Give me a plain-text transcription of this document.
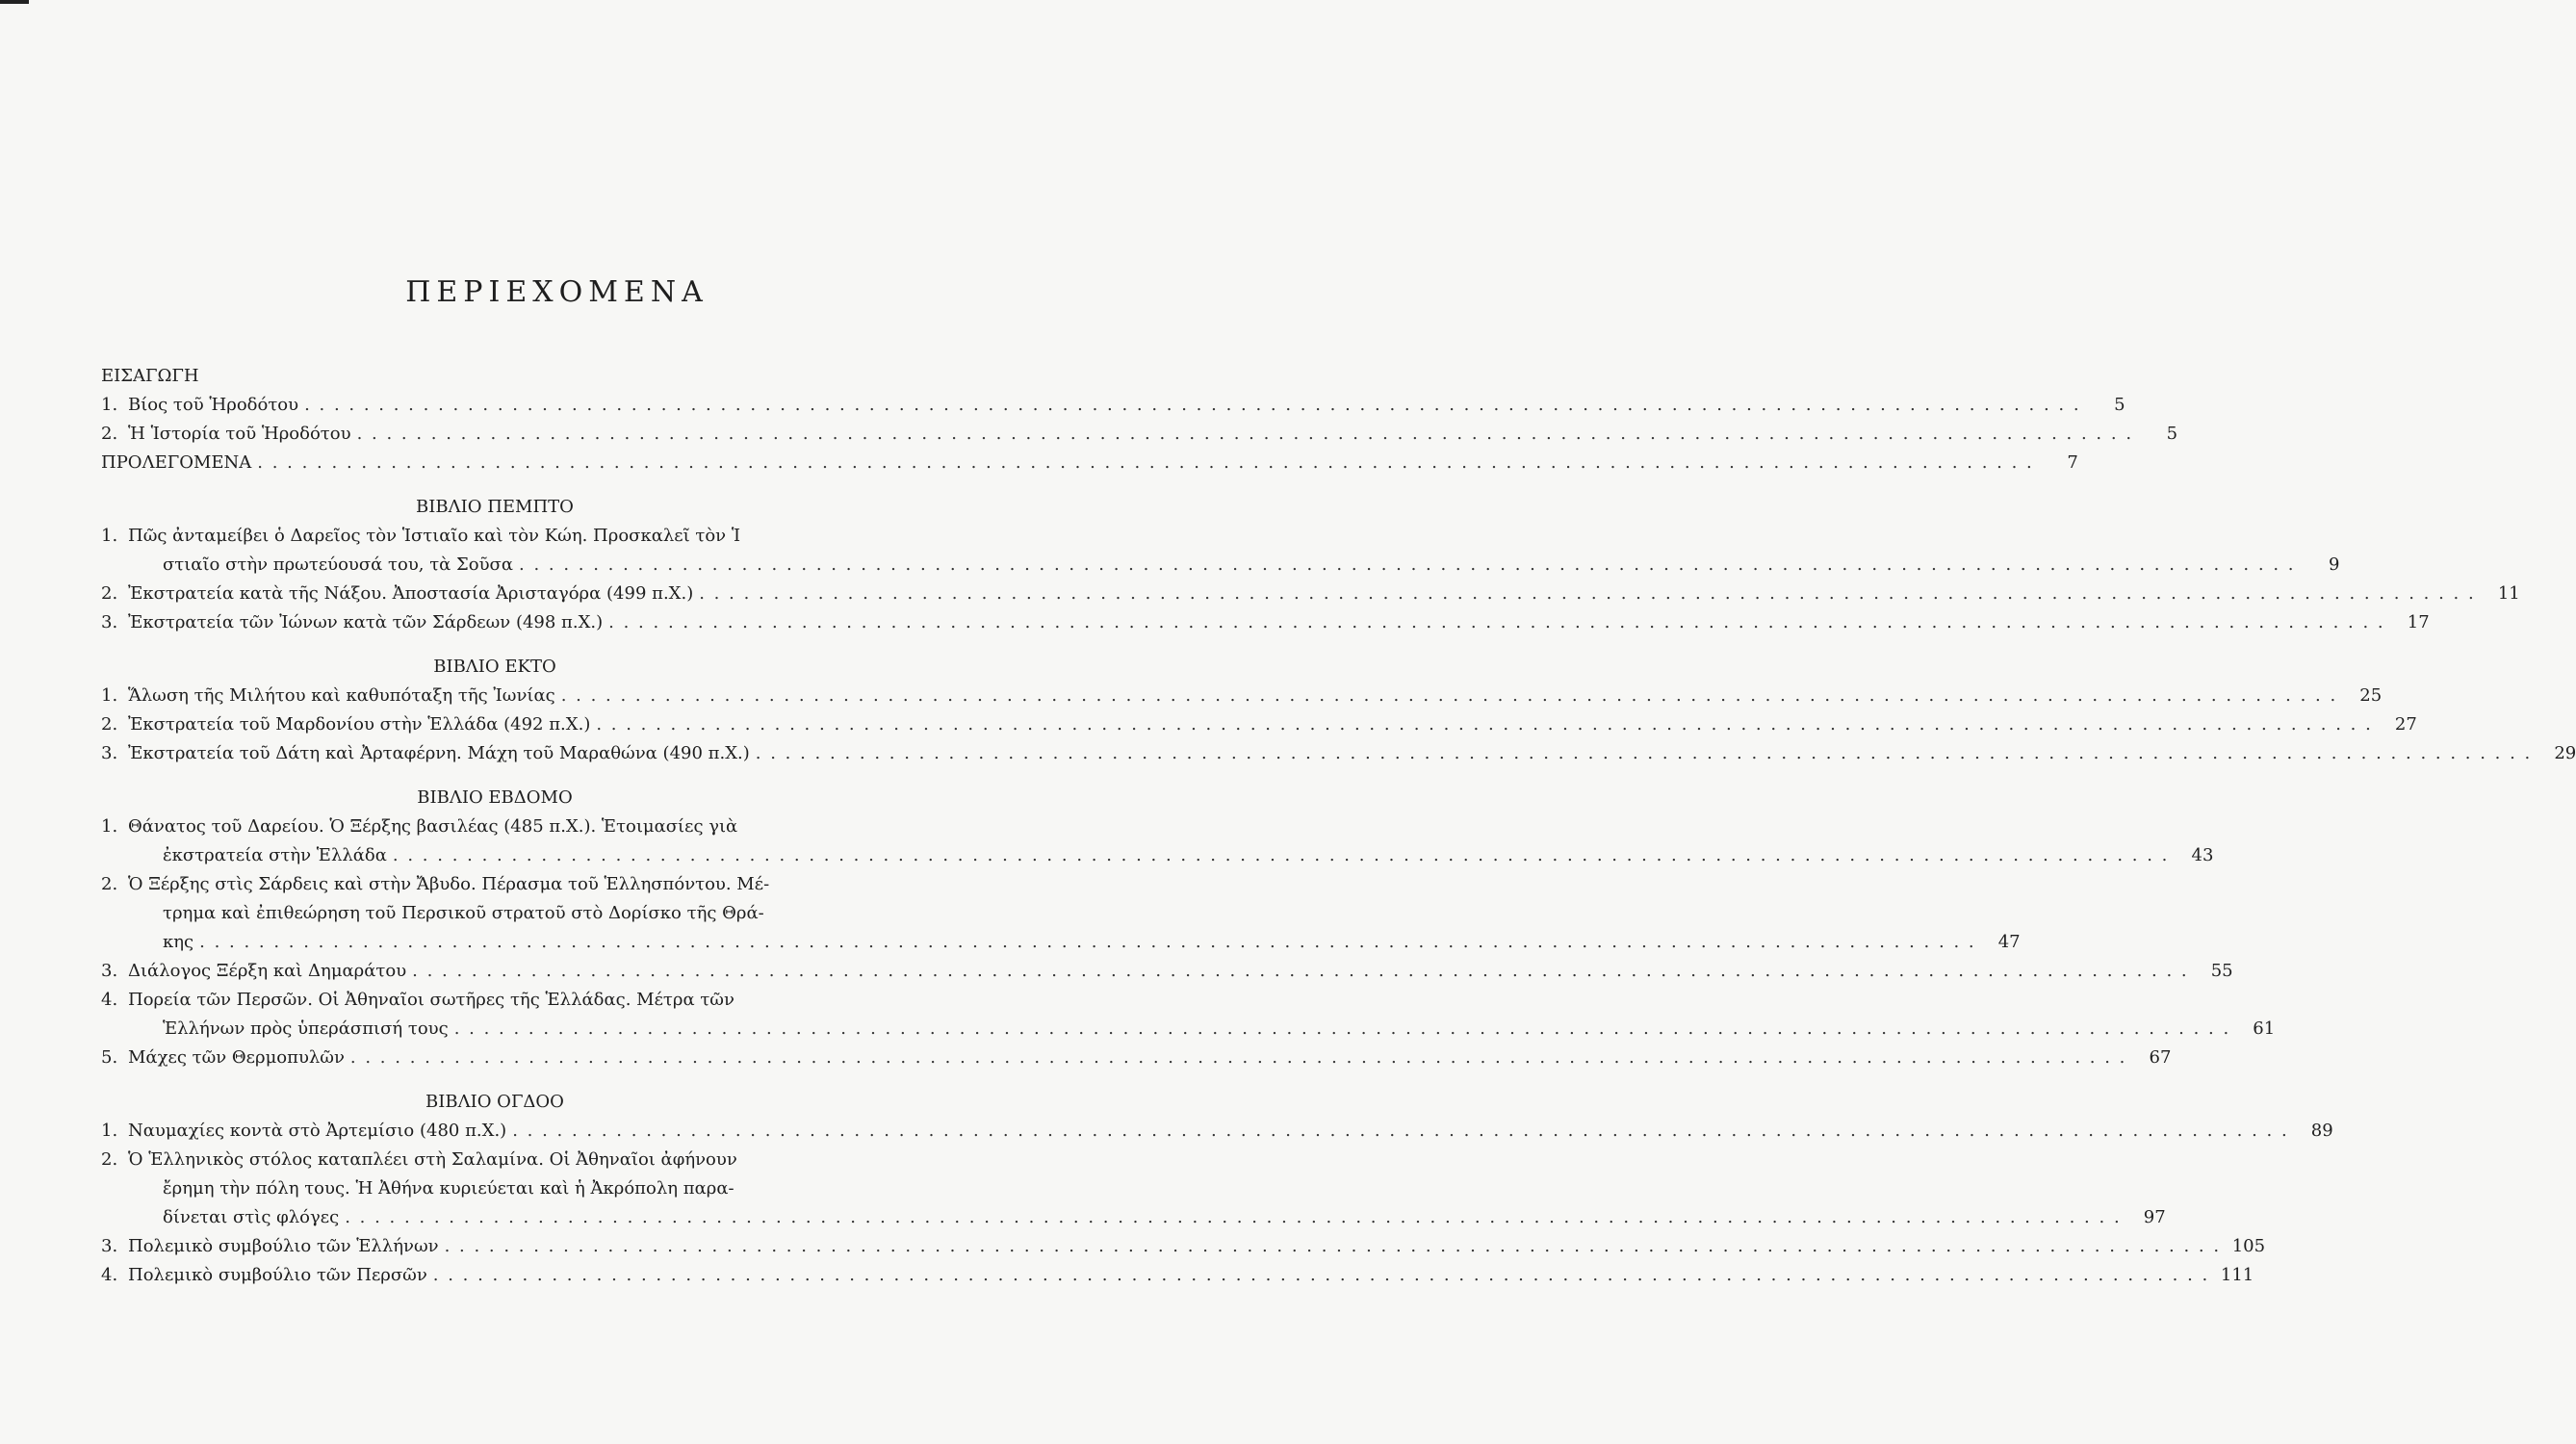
ΠΕΡΙΕΧΟΜΕΝΑ
ΕΙΣΑΓΩΓΗ
1. Βίος τοῦ Ἡροδότου . . . . . . . . . . . . . . . . . . . . . . . . . . . . . . . . . . . . . . . . . . . . . . . . . . . . . . . . . . . . . . . . . . . . . . . . . . . . . . . . . . . . . . . . . . . . . . . . . . . . . . . . . . . . . . . . . . . . . . . .	5
2. Ἡ Ἱστορία τοῦ Ἡροδότου . . . . . . . . . . . . . . . . . . . . . . . . . . . . . . . . . . . . . . . . . . . . . . . . . . . . . . . . . . . . . . . . . . . . . . . . . . . . . . . . . . . . . . . . . . . . . . . . . . . . . . . . . . . . . . . . . . . . . . . .	5
ΠΡΟΛΕΓΟΜΕΝΑ . . . . . . . . . . . . . . . . . . . . . . . . . . . . . . . . . . . . . . . . . . . . . . . . . . . . . . . . . . . . . . . . . . . . . . . . . . . . . . . . . . . . . . . . . . . . . . . . . . . . . . . . . . . . . . . . . . . . . . . .	7
ΒΙΒΛΙΟ ΠΕΜΠΤΟ
1. Πῶς ἀνταμείβει ὁ Δαρεῖος τὸν Ἱστιαῖο καὶ τὸν Κώη. Προσκαλεῖ τὸν Ἱ
στιαῖο στὴν πρωτεύουσά του, τὰ Σοῦσα . . . . . . . . . . . . . . . . . . . . . . . . . . . . . . . . . . . . . . . . . . . . . . . . . . . . . . . . . . . . . . . . . . . . . . . . . . . . . . . . . . . . . . . . . . . . . . . . . . . . . . . . . . . . . . . . . . . . . . . .	9
2. Ἐκστρατεία κατὰ τῆς Νάξου. Ἀποστασία Ἀρισταγόρα (499 π.Χ.) . . . . . . . . . . . . . . . . . . . . . . . . . . . . . . . . . . . . . . . . . . . . . . . . . . . . . . . . . . . . . . . . . . . . . . . . . . . . . . . . . . . . . . . . . . . . . . . . . . . . . . . . . . . . . . . . . . . . . . . .	11
3. Ἐκστρατεία τῶν Ἰώνων κατὰ τῶν Σάρδεων (498 π.Χ.) . . . . . . . . . . . . . . . . . . . . . . . . . . . . . . . . . . . . . . . . . . . . . . . . . . . . . . . . . . . . . . . . . . . . . . . . . . . . . . . . . . . . . . . . . . . . . . . . . . . . . . . . . . . . . . . . . . . . . . . .	17
ΒΙΒΛΙΟ ΕΚΤΟ
1. Ἅλωση τῆς Μιλήτου καὶ καθυπόταξη τῆς Ἰωνίας . . . . . . . . . . . . . . . . . . . . . . . . . . . . . . . . . . . . . . . . . . . . . . . . . . . . . . . . . . . . . . . . . . . . . . . . . . . . . . . . . . . . . . . . . . . . . . . . . . . . . . . . . . . . . . . . . . . . . . . .	25
2. Ἐκστρατεία τοῦ Μαρδονίου στὴν Ἑλλάδα (492 π.Χ.) . . . . . . . . . . . . . . . . . . . . . . . . . . . . . . . . . . . . . . . . . . . . . . . . . . . . . . . . . . . . . . . . . . . . . . . . . . . . . . . . . . . . . . . . . . . . . . . . . . . . . . . . . . . . . . . . . . . . . . . .	27
3. Ἐκστρατεία τοῦ Δάτη καὶ Ἀρταφέρνη. Μάχη τοῦ Μαραθώνα (490 π.Χ.) . . . . . . . . . . . . . . . . . . . . . . . . . . . . . . . . . . . . . . . . . . . . . . . . . . . . . . . . . . . . . . . . . . . . . . . . . . . . . . . . . . . . . . . . . . . . . . . . . . . . . . . . . . . . . . . . . . . . . . . .	29
ΒΙΒΛΙΟ ΕΒΔΟΜΟ
1. Θάνατος τοῦ Δαρείου. Ὁ Ξέρξης βασιλέας (485 π.Χ.). Ἑτοιμασίες γιὰ
ἐκστρατεία στὴν Ἑλλάδα . . . . . . . . . . . . . . . . . . . . . . . . . . . . . . . . . . . . . . . . . . . . . . . . . . . . . . . . . . . . . . . . . . . . . . . . . . . . . . . . . . . . . . . . . . . . . . . . . . . . . . . . . . . . . . . . . . . . . . . .	43
2. Ὁ Ξέρξης στὶς Σάρδεις καὶ στὴν Ἄβυδο. Πέρασμα τοῦ Ἑλλησπόντου. Μέ-
τρημα καὶ ἐπιθεώρηση τοῦ Περσικοῦ στρατοῦ στὸ Δορίσκο τῆς Θρά-
κης . . . . . . . . . . . . . . . . . . . . . . . . . . . . . . . . . . . . . . . . . . . . . . . . . . . . . . . . . . . . . . . . . . . . . . . . . . . . . . . . . . . . . . . . . . . . . . . . . . . . . . . . . . . . . . . . . . . . . . . .	47
3. Διάλογος Ξέρξη καὶ Δημαράτου . . . . . . . . . . . . . . . . . . . . . . . . . . . . . . . . . . . . . . . . . . . . . . . . . . . . . . . . . . . . . . . . . . . . . . . . . . . . . . . . . . . . . . . . . . . . . . . . . . . . . . . . . . . . . . . . . . . . . . . .	55
4. Πορεία τῶν Περσῶν. Οἱ Ἀθηναῖοι σωτῆρες τῆς Ἑλλάδας. Μέτρα τῶν
Ἑλλήνων πρὸς ὑπεράσπισή τους . . . . . . . . . . . . . . . . . . . . . . . . . . . . . . . . . . . . . . . . . . . . . . . . . . . . . . . . . . . . . . . . . . . . . . . . . . . . . . . . . . . . . . . . . . . . . . . . . . . . . . . . . . . . . . . . . . . . . . . .	61
5. Μάχες τῶν Θερμοπυλῶν . . . . . . . . . . . . . . . . . . . . . . . . . . . . . . . . . . . . . . . . . . . . . . . . . . . . . . . . . . . . . . . . . . . . . . . . . . . . . . . . . . . . . . . . . . . . . . . . . . . . . . . . . . . . . . . . . . . . . . . .	67
ΒΙΒΛΙΟ ΟΓΔΟΟ
1. Ναυμαχίες κοντὰ στὸ Ἀρτεμίσιο (480 π.Χ.) . . . . . . . . . . . . . . . . . . . . . . . . . . . . . . . . . . . . . . . . . . . . . . . . . . . . . . . . . . . . . . . . . . . . . . . . . . . . . . . . . . . . . . . . . . . . . . . . . . . . . . . . . . . . . . . . . . . . . . . .	89
2. Ὁ Ἑλληνικὸς στόλος καταπλέει στὴ Σαλαμίνα. Οἱ Ἀθηναῖοι ἀφήνουν
ἔρημη τὴν πόλη τους. Ἡ Ἀθήνα κυριεύεται καὶ ἡ Ἀκρόπολη παρα-
δίνεται στὶς φλόγες . . . . . . . . . . . . . . . . . . . . . . . . . . . . . . . . . . . . . . . . . . . . . . . . . . . . . . . . . . . . . . . . . . . . . . . . . . . . . . . . . . . . . . . . . . . . . . . . . . . . . . . . . . . . . . . . . . . . . . . .	97
3. Πολεμικὸ συμβούλιο τῶν Ἑλλήνων . . . . . . . . . . . . . . . . . . . . . . . . . . . . . . . . . . . . . . . . . . . . . . . . . . . . . . . . . . . . . . . . . . . . . . . . . . . . . . . . . . . . . . . . . . . . . . . . . . . . . . . . . . . . . . . . . . . . . . . . 105
4. Πολεμικὸ συμβούλιο τῶν Περσῶν . . . . . . . . . . . . . . . . . . . . . . . . . . . . . . . . . . . . . . . . . . . . . . . . . . . . . . . . . . . . . . . . . . . . . . . . . . . . . . . . . . . . . . . . . . . . . . . . . . . . . . . . . . . . . . . . . . . . . . . . 111
